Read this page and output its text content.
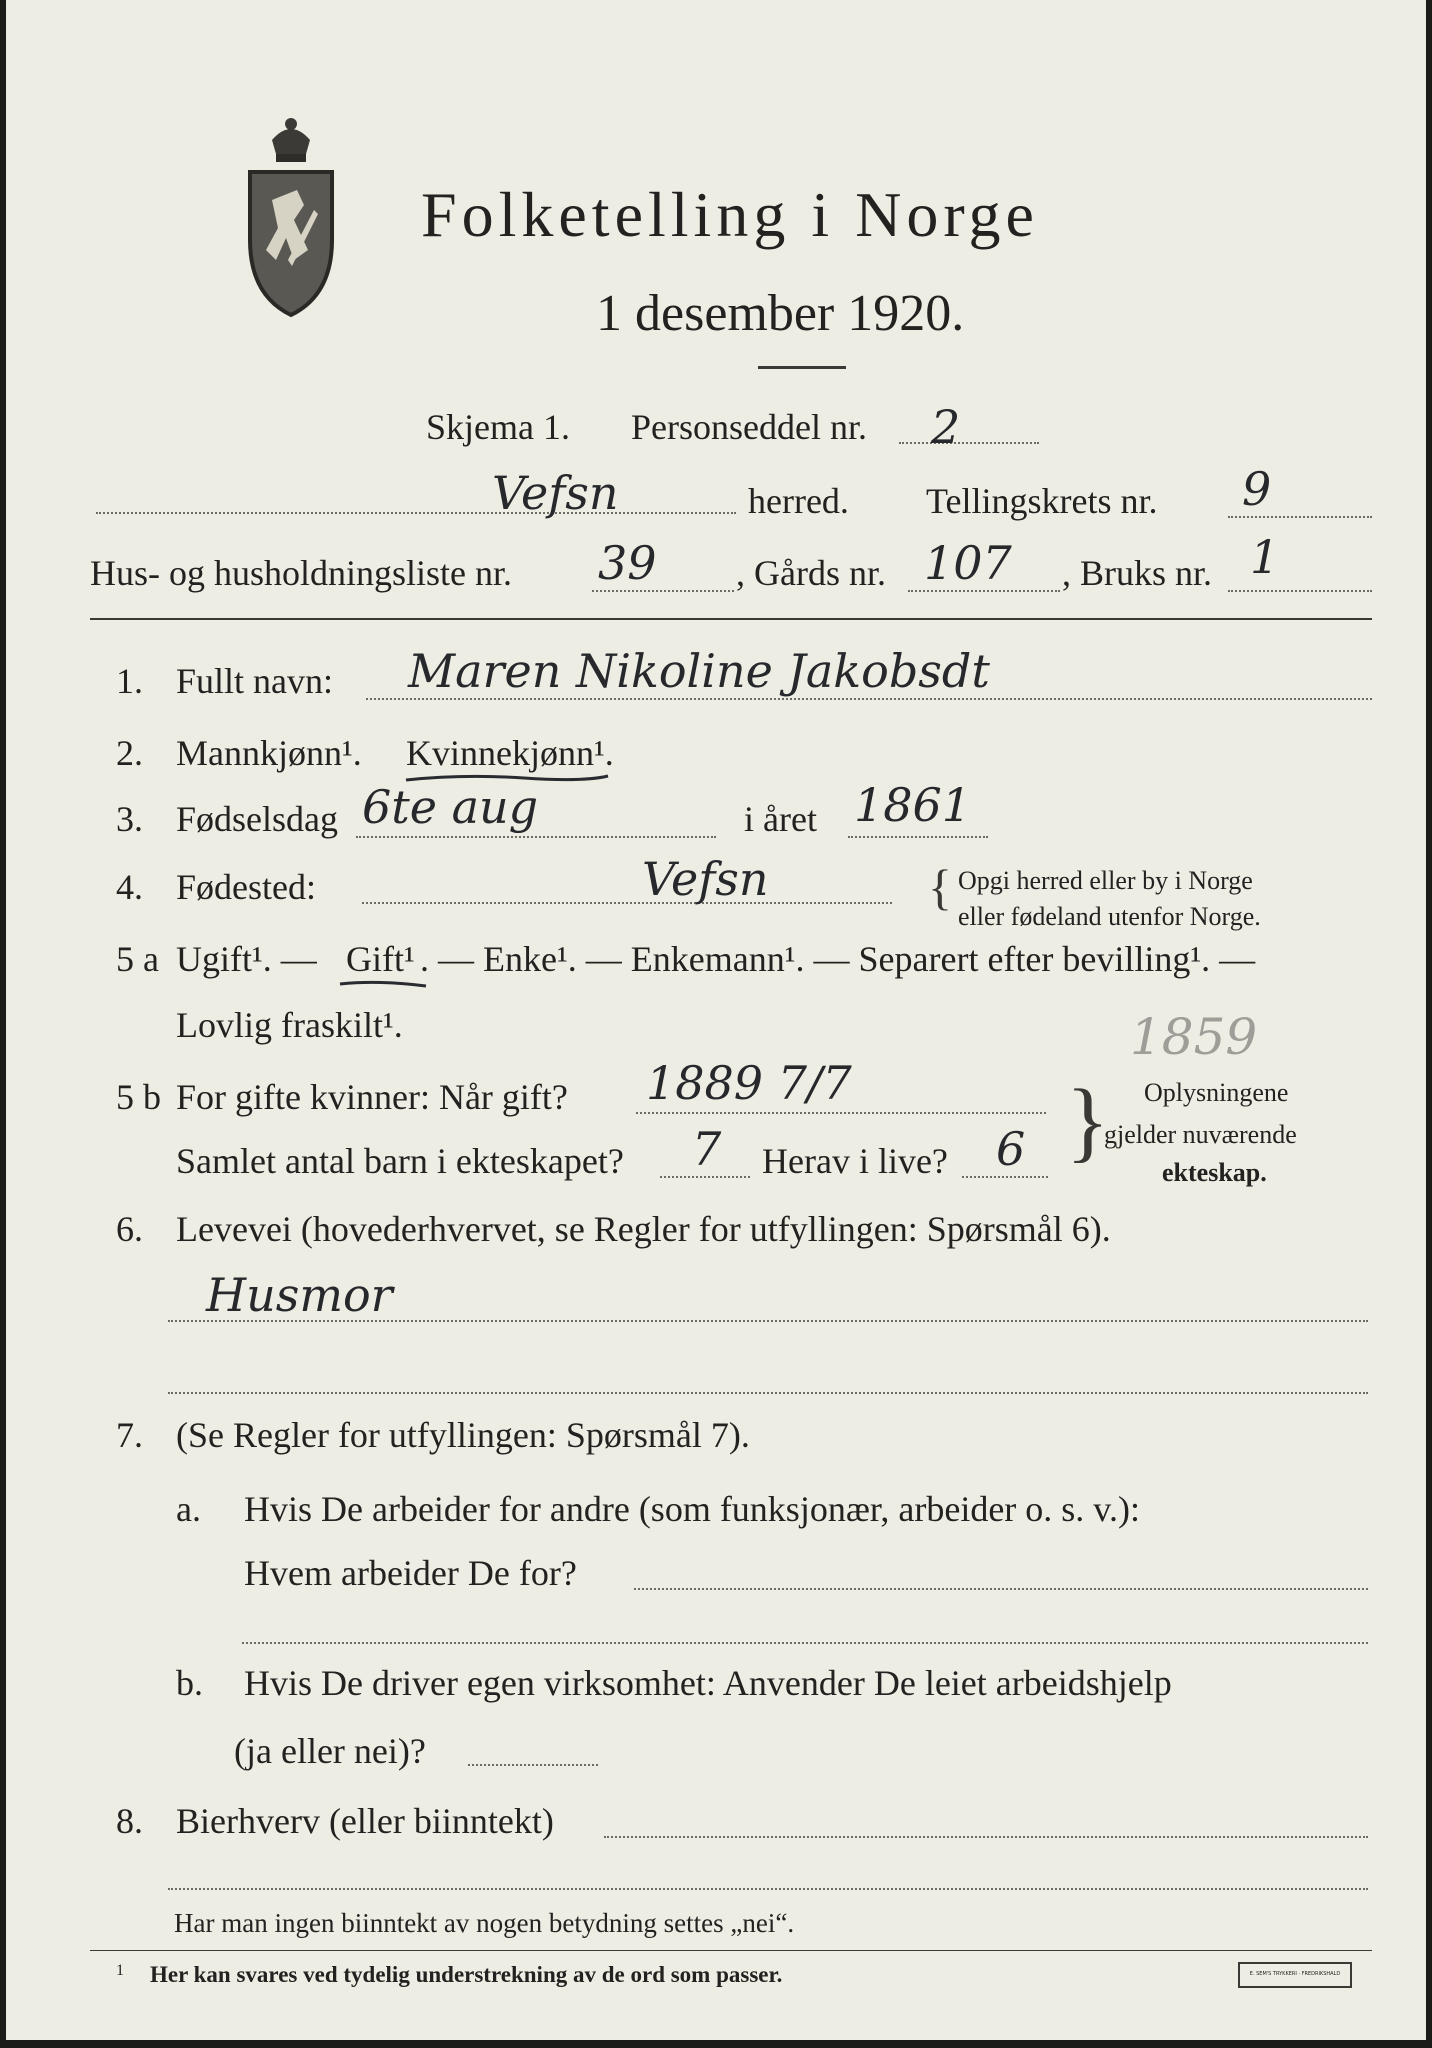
Folketelling i Norge
1 desember 1920.
Skjema 1. Personseddel nr. 2
Vefsn	herred. Tellingskrets nr. 9
Hus- og husholdningsliste nr. 39 , Gårds nr. 107 , Bruks nr. 1
1. Fullt navn: Maren Nikoline Jakobsdt
2. Mannkjønn¹. Kvinnekjønn¹.
3. Fødselsdag 6te aug	i året 1861
4. Fødested:	Vefsn	{ Opgi herred eller by i Norge
eller fødeland utenfor Norge.
5 a Ugift¹. — Gift¹ . — Enke¹. — Enkemann¹. — Separert efter bevilling¹. —
Lovlig fraskilt¹.	1859
5 b For gifte kvinner: Når gift? 1889 7/7
Samlet antal barn i ekteskapet? 7 Herav i live? 6 } Oplysningene
gjelder nuværende
ekteskap.
6. Levevei (hovederhvervet, se Regler for utfyllingen: Spørsmål 6).
Husmor
7. (Se Regler for utfyllingen: Spørsmål 7).
a. Hvis De arbeider for andre (som funksjonær, arbeider o. s. v.):
Hvem arbeider De for?
b. Hvis De driver egen virksomhet: Anvender De leiet arbeidshjelp
(ja eller nei)?
8. Bierhverv (eller biinntekt)
Har man ingen biinntekt av nogen betydning settes „nei“.
1 Her kan svares ved tydelig understrekning av de ord som passer.	E. SEM'S TRYKKERI · FREDRIKSHALD
